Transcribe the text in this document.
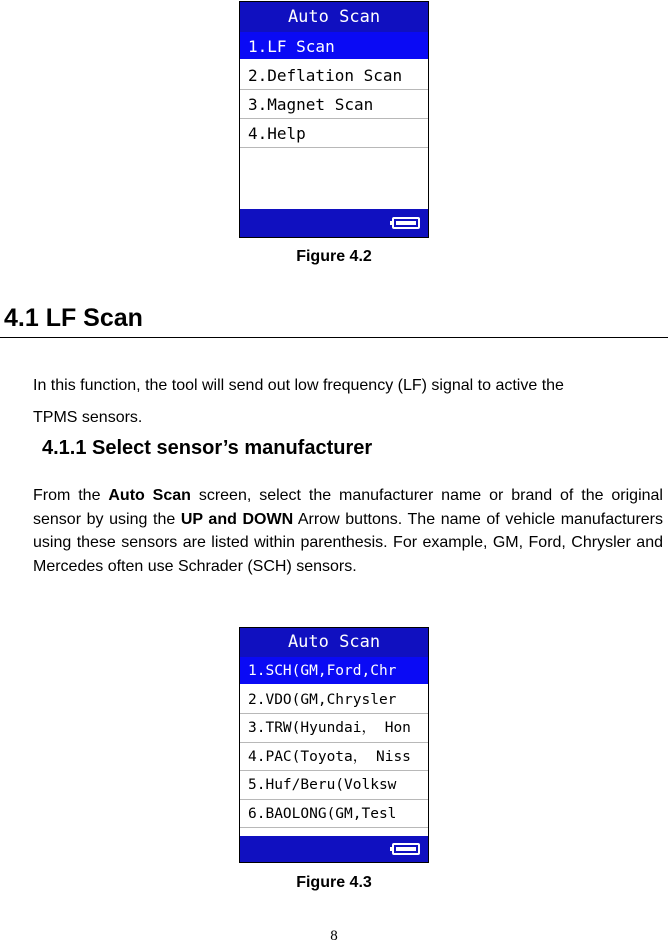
Auto Scan
1.LF Scan
2.Deflation Scan
3.Magnet Scan
4.Help
Figure 4.2
4.1 LF Scan

In this function, the tool will send out low frequency (LF) signal to active the

TPMS sensors.

4.1.1 Select sensor’s manufacturer

From the Auto Scan screen, select the manufacturer name or brand of the original sensor by using the UP and DOWN Arrow buttons. The name of vehicle manufacturers using these sensors are listed within parenthesis. For example, GM, Ford, Chrysler and Mercedes often use Schrader (SCH) sensors.

Auto Scan
1.SCH(GM,Ford,Chr
2.VDO(GM,Chrysler
3.TRW(Hyundai， Hon
4.PAC(Toyota， Niss
5.Huf/Beru(Volksw
6.BAOLONG(GM,Tesl
Figure 4.3
8
